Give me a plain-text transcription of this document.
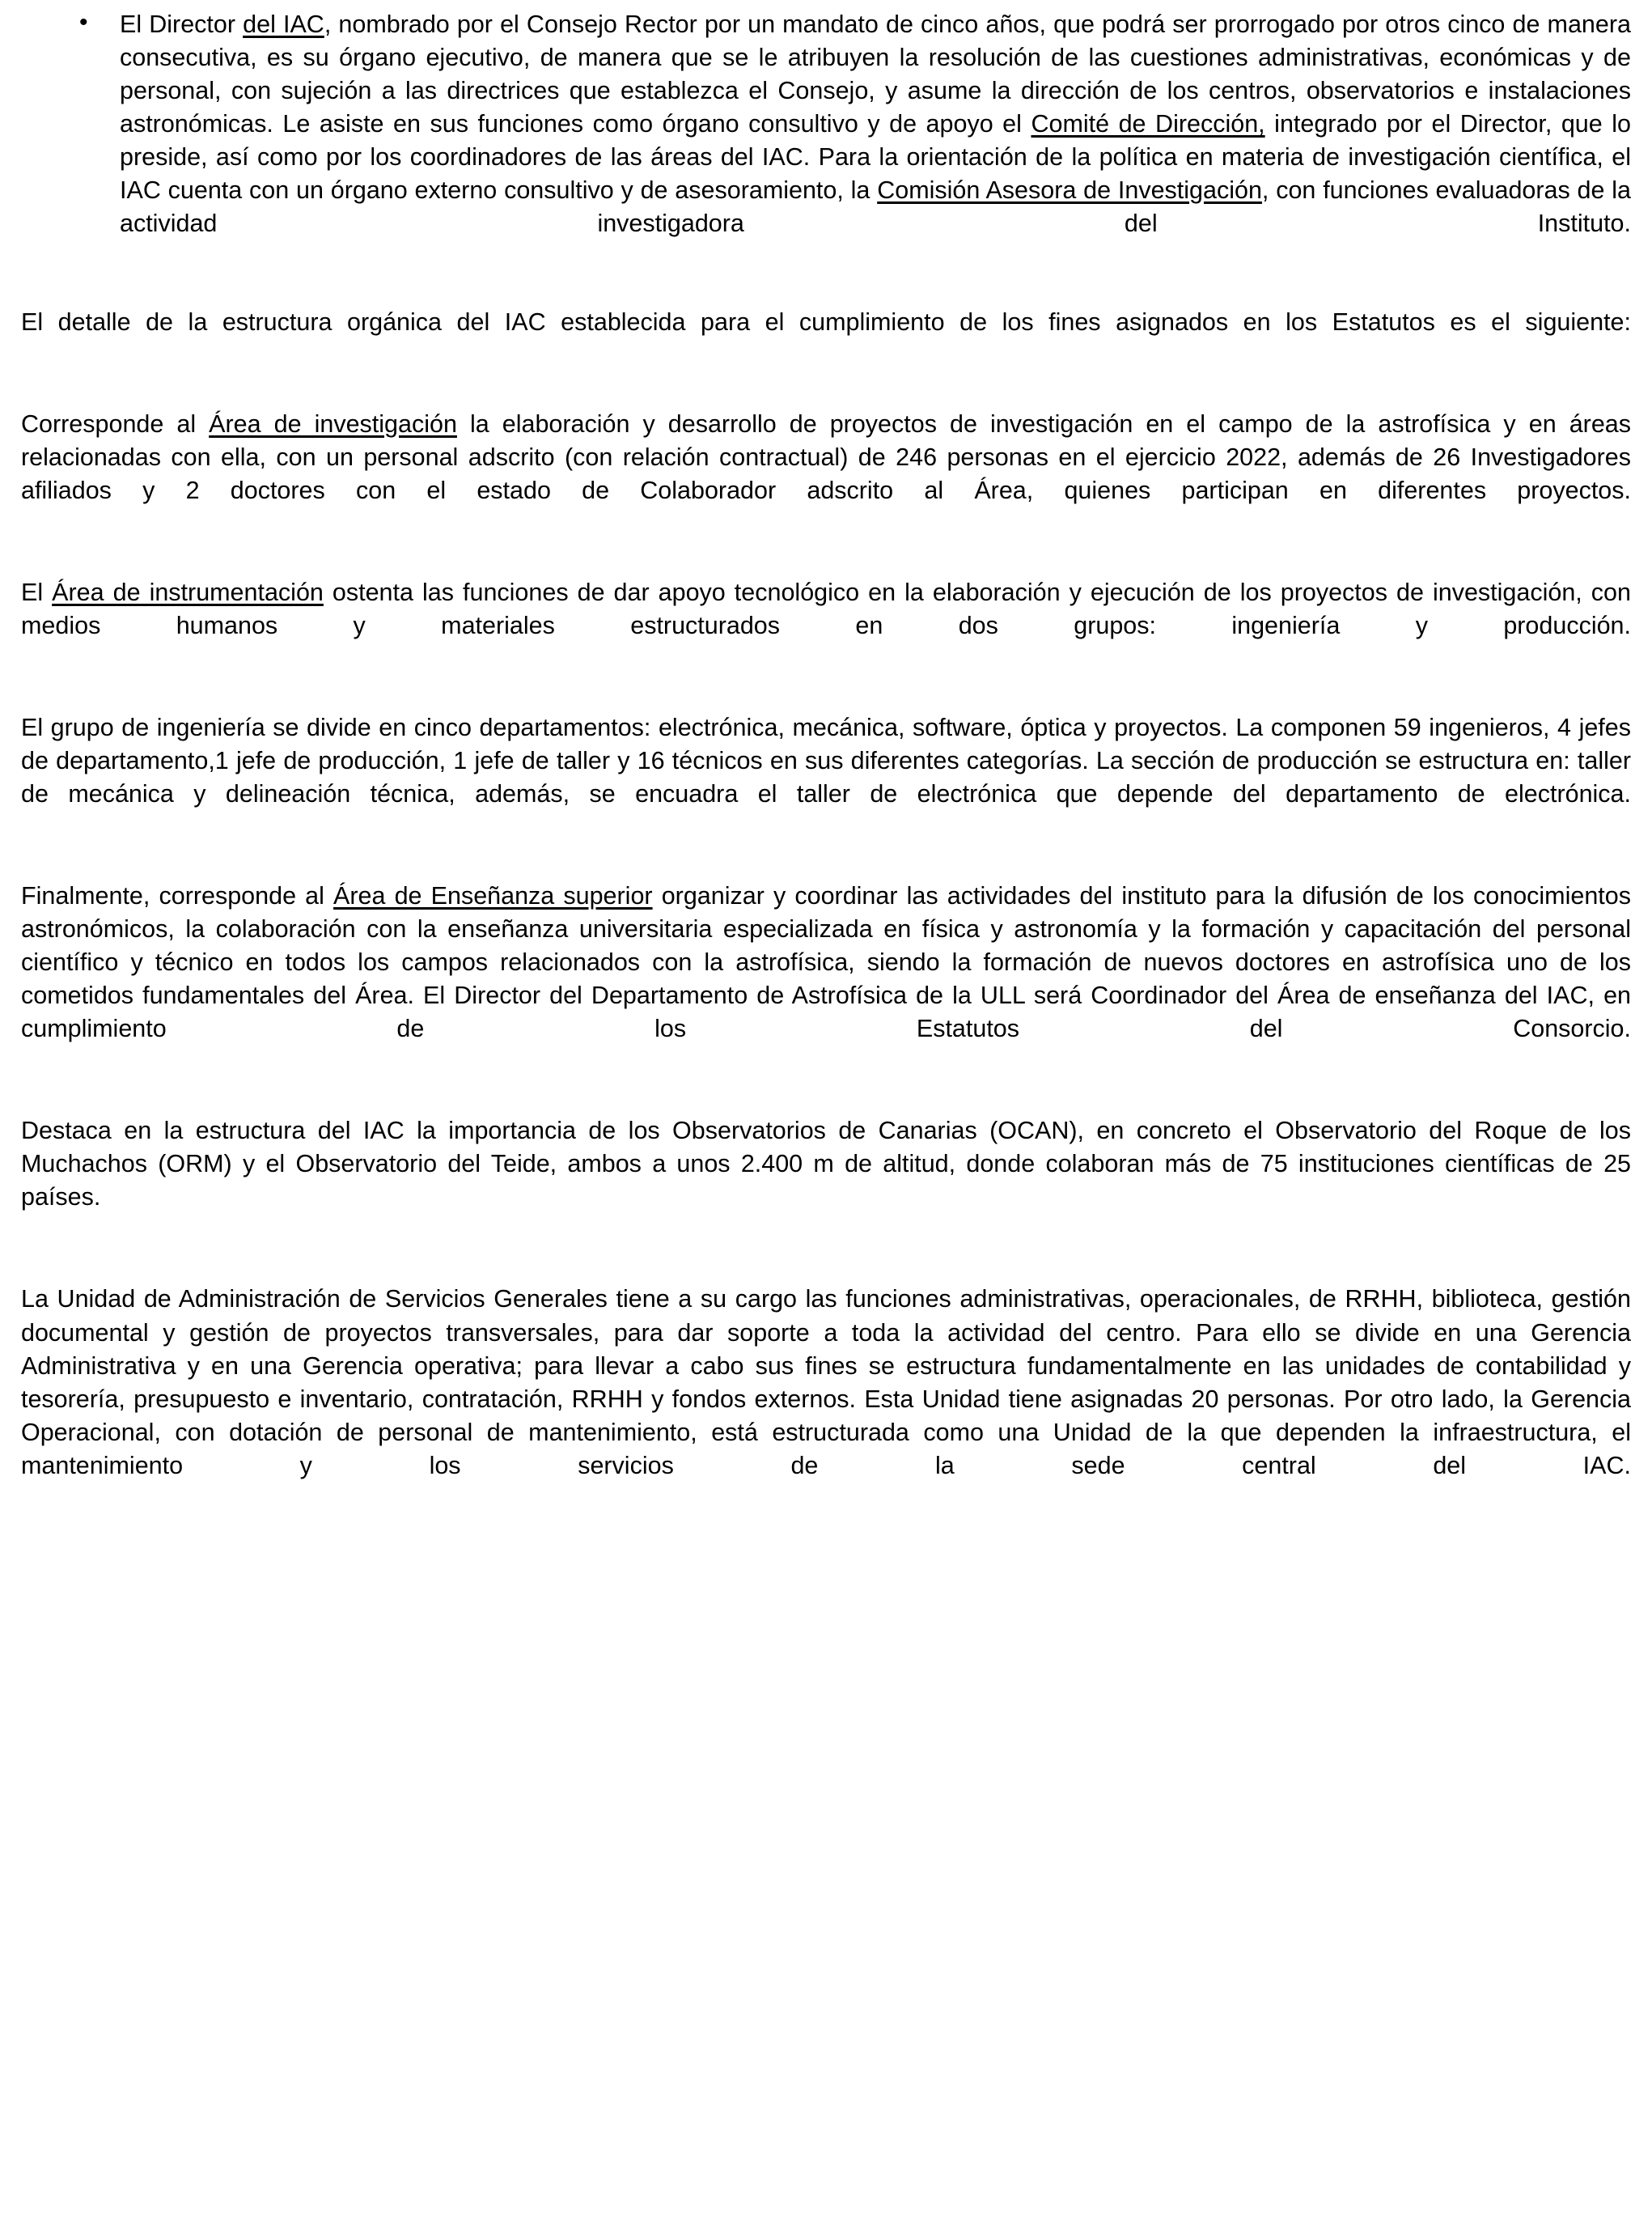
• El Director del IAC, nombrado por el Consejo Rector por un mandato de cinco años, que podrá ser prorrogado por otros cinco de manera consecutiva, es su órgano ejecutivo, de manera que se le atribuyen la resolución de las cuestiones administrativas, económicas y de personal, con sujeción a las directrices que establezca el Consejo, y asume la dirección de los centros, observatorios e instalaciones astronómicas. Le asiste en sus funciones como órgano consultivo y de apoyo el Comité de Dirección, integrado por el Director, que lo preside, así como por los coordinadores de las áreas del IAC. Para la orientación de la política en materia de investigación científica, el IAC cuenta con un órgano externo consultivo y de asesoramiento, la Comisión Asesora de Investigación, con funciones evaluadoras de la actividad investigadora del Instituto.

El detalle de la estructura orgánica del IAC establecida para el cumplimiento de los fines asignados en los Estatutos es el siguiente:

Corresponde al Área de investigación la elaboración y desarrollo de proyectos de investigación en el campo de la astrofísica y en áreas relacionadas con ella, con un personal adscrito (con relación contractual) de 246 personas en el ejercicio 2022, además de 26 Investigadores afiliados y 2 doctores con el estado de Colaborador adscrito al Área, quienes participan en diferentes proyectos.

El Área de instrumentación ostenta las funciones de dar apoyo tecnológico en la elaboración y ejecución de los proyectos de investigación, con medios humanos y materiales estructurados en dos grupos: ingeniería y producción.

El grupo de ingeniería se divide en cinco departamentos: electrónica, mecánica, software, óptica y proyectos. La componen 59 ingenieros, 4 jefes de departamento,1 jefe de producción, 1 jefe de taller y 16 técnicos en sus diferentes categorías. La sección de producción se estructura en: taller de mecánica y delineación técnica, además, se encuadra el taller de electrónica que depende del departamento de electrónica.

Finalmente, corresponde al Área de Enseñanza superior organizar y coordinar las actividades del instituto para la difusión de los conocimientos astronómicos, la colaboración con la enseñanza universitaria especializada en física y astronomía y la formación y capacitación del personal científico y técnico en todos los campos relacionados con la astrofísica, siendo la formación de nuevos doctores en astrofísica uno de los cometidos fundamentales del Área. El Director del Departamento de Astrofísica de la ULL será Coordinador del Área de enseñanza del IAC, en cumplimiento de los Estatutos del Consorcio.

Destaca en la estructura del IAC la importancia de los Observatorios de Canarias (OCAN), en concreto el Observatorio del Roque de los Muchachos (ORM) y el Observatorio del Teide, ambos a unos 2.400 m de altitud, donde colaboran más de 75 instituciones científicas de 25 países.

La Unidad de Administración de Servicios Generales tiene a su cargo las funciones administrativas, operacionales, de RRHH, biblioteca, gestión documental y gestión de proyectos transversales, para dar soporte a toda la actividad del centro. Para ello se divide en una Gerencia Administrativa y en una Gerencia operativa; para llevar a cabo sus fines se estructura fundamentalmente en las unidades de contabilidad y tesorería, presupuesto e inventario, contratación, RRHH y fondos externos. Esta Unidad tiene asignadas 20 personas. Por otro lado, la Gerencia Operacional, con dotación de personal de mantenimiento, está estructurada como una Unidad de la que dependen la infraestructura, el mantenimiento y los servicios de la sede central del IAC.
